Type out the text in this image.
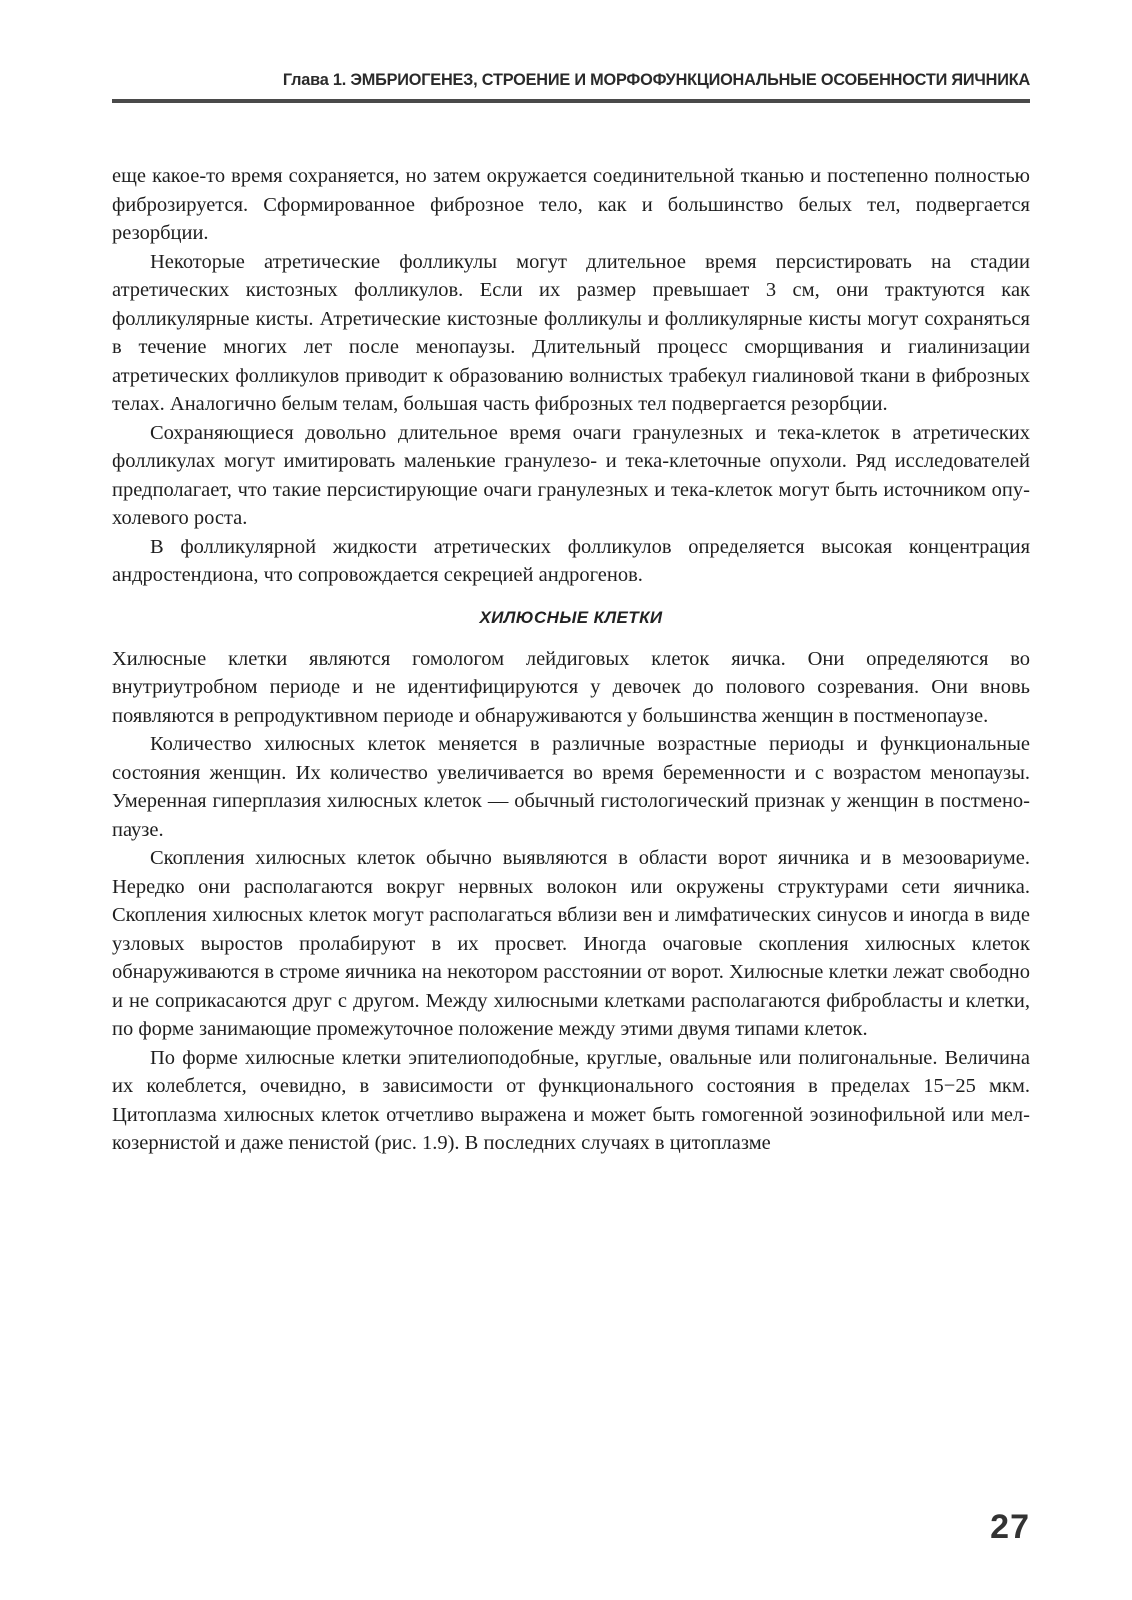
Глава 1. ЭМБРИОГЕНЕЗ, СТРОЕНИЕ И МОРФОФУНКЦИОНАЛЬНЫЕ ОСОБЕННОСТИ ЯИЧНИКА

еще какое-то время сохраняется, но затем окружается соединительной тканью и постепенно полностью фиброзируется. Сформированное фиброзное тело, как и большинство белых тел, подвергается резорбции.

Некоторые атретические фолликулы могут длительное время персистировать на стадии атретических кистозных фолликулов. Если их размер превышает 3 см, они трактуются как фолликулярные кисты. Атретические кистозные фолликулы и фолликулярные кисты могут сохраняться в течение многих лет после менопаузы. Длительный процесс сморщивания и гиалинизации атретических фолликулов приводит к образованию волнистых трабекул гиалиновой ткани в фиброзных телах. Аналогично белым телам, большая часть фиброзных тел подвергается резорбции.

Сохраняющиеся довольно длительное время очаги гранулезных и тека-клеток в атретических фолликулах могут имитировать маленькие гранулезо- и тека-клеточные опухоли. Ряд исследователей предполагает, что такие персистирующие очаги гранулезных и тека-клеток могут быть источником опухолевого роста.

В фолликулярной жидкости атретических фолликулов определяется высокая концентрация андростендиона, что сопровождается секрецией андрогенов.

ХИЛЮСНЫЕ КЛЕТКИ

Хилюсные клетки являются гомологом лейдиговых клеток яичка. Они определяются во внутриутробном периоде и не идентифицируются у девочек до полового созревания. Они вновь появляются в репродуктивном периоде и обнаруживаются у большинства женщин в постменопаузе.

Количество хилюсных клеток меняется в различные возрастные периоды и функциональные состояния женщин. Их количество увеличивается во время беременности и с возрастом менопаузы. Умеренная гиперплазия хилюсных клеток — обычный гистологический признак у женщин в постменопаузе.

Скопления хилюсных клеток обычно выявляются в области ворот яичника и в мезоовариуме. Нередко они располагаются вокруг нервных волокон или окружены структурами сети яичника. Скопления хилюсных клеток могут располагаться вблизи вен и лимфатических синусов и иногда в виде узловых выростов пролабируют в их просвет. Иногда очаговые скопления хилюсных клеток обнаруживаются в строме яичника на некотором расстоянии от ворот. Хилюсные клетки лежат свободно и не соприкасаются друг с другом. Между хилюсными клетками располагаются фибробласты и клетки, по форме занимающие промежуточное положение между этими двумя типами клеток.

По форме хилюсные клетки эпителиоподобные, круглые, овальные или полигональные. Величина их колеблется, очевидно, в зависимости от функционального состояния в пределах 15−25 мкм. Цитоплазма хилюсных клеток отчетливо выражена и может быть гомогенной эозинофильной или мелкозернистой и даже пенистой (рис. 1.9). В последних случаях в цитоплазме

27
